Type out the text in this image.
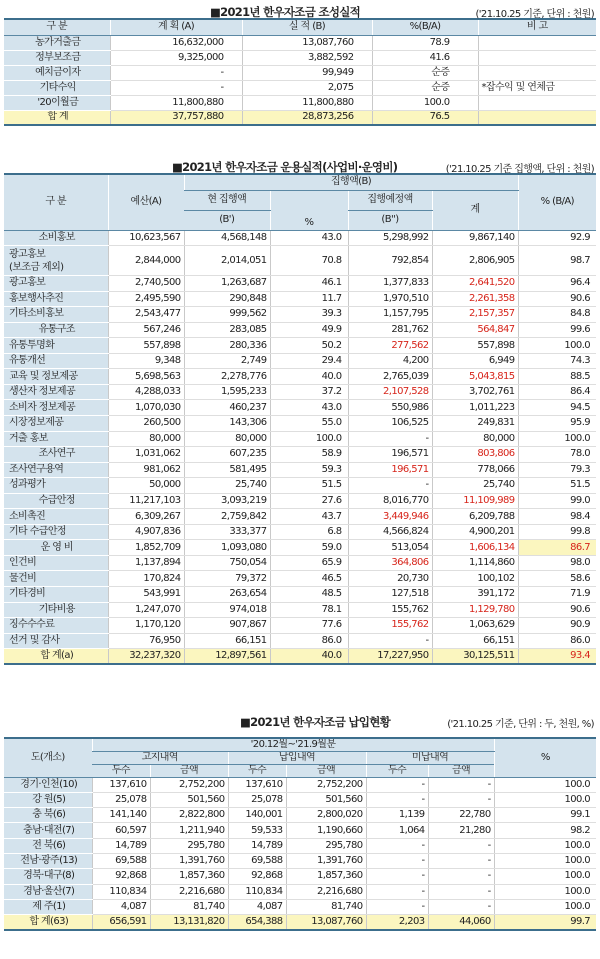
■2021년 한우자조금 조성실적	('21.10.25 기준, 단위 : 천원)
구 분	계 획 (A)	실 적 (B)	%(B/A)	비 고
농가거출금	16,632,000	13,087,760	78.9	
정부보조금	9,325,000	3,882,592	41.6	
예치금이자	-	99,949	순증	
기타수익	-	2,075	순증	*잡수익 및 연체금
'20이월금	11,800,880	11,800,880	100.0	
합 계	37,757,880	28,873,256	76.5	
■2021년 한우자조금 운용실적(사업비·운영비)	('21.10.25 기준 집행액, 단위 : 천원)
구 분	예산(A)	집행액(B)				% (B/A)
		현 집행액	%	집행예정액	계	
		(B')		(B'')		
소비홍보	10,623,567	4,568,148	43.0	5,298,992	9,867,140	92.9
광고홍보
(보조금 제외)	2,844,000	2,014,051	70.8	792,854	2,806,905	98.7
광고홍보	2,740,500	1,263,687	46.1	1,377,833	2,641,520	96.4
홍보행사추진	2,495,590	290,848	11.7	1,970,510	2,261,358	90.6
기타소비홍보	2,543,477	999,562	39.3	1,157,795	2,157,357	84.8
유통구조	567,246	283,085	49.9	281,762	564,847	99.6
유통투명화	557,898	280,336	50.2	277,562	557,898	100.0
유통개선	9,348	2,749	29.4	4,200	6,949	74.3
교육 및 정보제공	5,698,563	2,278,776	40.0	2,765,039	5,043,815	88.5
생산자 정보제공	4,288,033	1,595,233	37.2	2,107,528	3,702,761	86.4
소비자 정보제공	1,070,030	460,237	43.0	550,986	1,011,223	94.5
시장정보제공	260,500	143,306	55.0	106,525	249,831	95.9
거출 홍보	80,000	80,000	100.0	-	80,000	100.0
조사연구	1,031,062	607,235	58.9	196,571	803,806	78.0
조사연구용역	981,062	581,495	59.3	196,571	778,066	79.3
성과평가	50,000	25,740	51.5	-	25,740	51.5
수급안정	11,217,103	3,093,219	27.6	8,016,770	11,109,989	99.0
소비촉진	6,309,267	2,759,842	43.7	3,449,946	6,209,788	98.4
기타 수급안정	4,907,836	333,377	6.8	4,566,824	4,900,201	99.8
운 영 비	1,852,709	1,093,080	59.0	513,054	1,606,134	86.7
인건비	1,137,894	750,054	65.9	364,806	1,114,860	98.0
물건비	170,824	79,372	46.5	20,730	100,102	58.6
기타경비	543,991	263,654	48.5	127,518	391,172	71.9
기타비용	1,247,070	974,018	78.1	155,762	1,129,780	90.6
징수수수료	1,170,120	907,867	77.6	155,762	1,063,629	90.9
선거 및 감사	76,950	66,151	86.0	-	66,151	86.0
합 계(a)	32,237,320	12,897,561	40.0	17,227,950	30,125,511	93.4
■2021년 한우자조금 납입현황	('21.10.25 기준, 단위 : 두, 천원, %)
도(개소)	'20.12월~'21.9월분						%
	고지내역		납입내역		미납내역		
	두수	금액	두수	금액	두수	금액	
경기·인천(10)	137,610	2,752,200	137,610	2,752,200	-	-	100.0
강 원(5)	25,078	501,560	25,078	501,560	-	-	100.0
충 북(6)	141,140	2,822,800	140,001	2,800,020	1,139	22,780	99.1
충남·대전(7)	60,597	1,211,940	59,533	1,190,660	1,064	21,280	98.2
전 북(6)	14,789	295,780	14,789	295,780	-	-	100.0
전남·광주(13)	69,588	1,391,760	69,588	1,391,760	-	-	100.0
경북·대구(8)	92,868	1,857,360	92,868	1,857,360	-	-	100.0
경남·울산(7)	110,834	2,216,680	110,834	2,216,680	-	-	100.0
제 주(1)	4,087	81,740	4,087	81,740	-	-	100.0
합 계(63)	656,591	13,131,820	654,388	13,087,760	2,203	44,060	99.7
